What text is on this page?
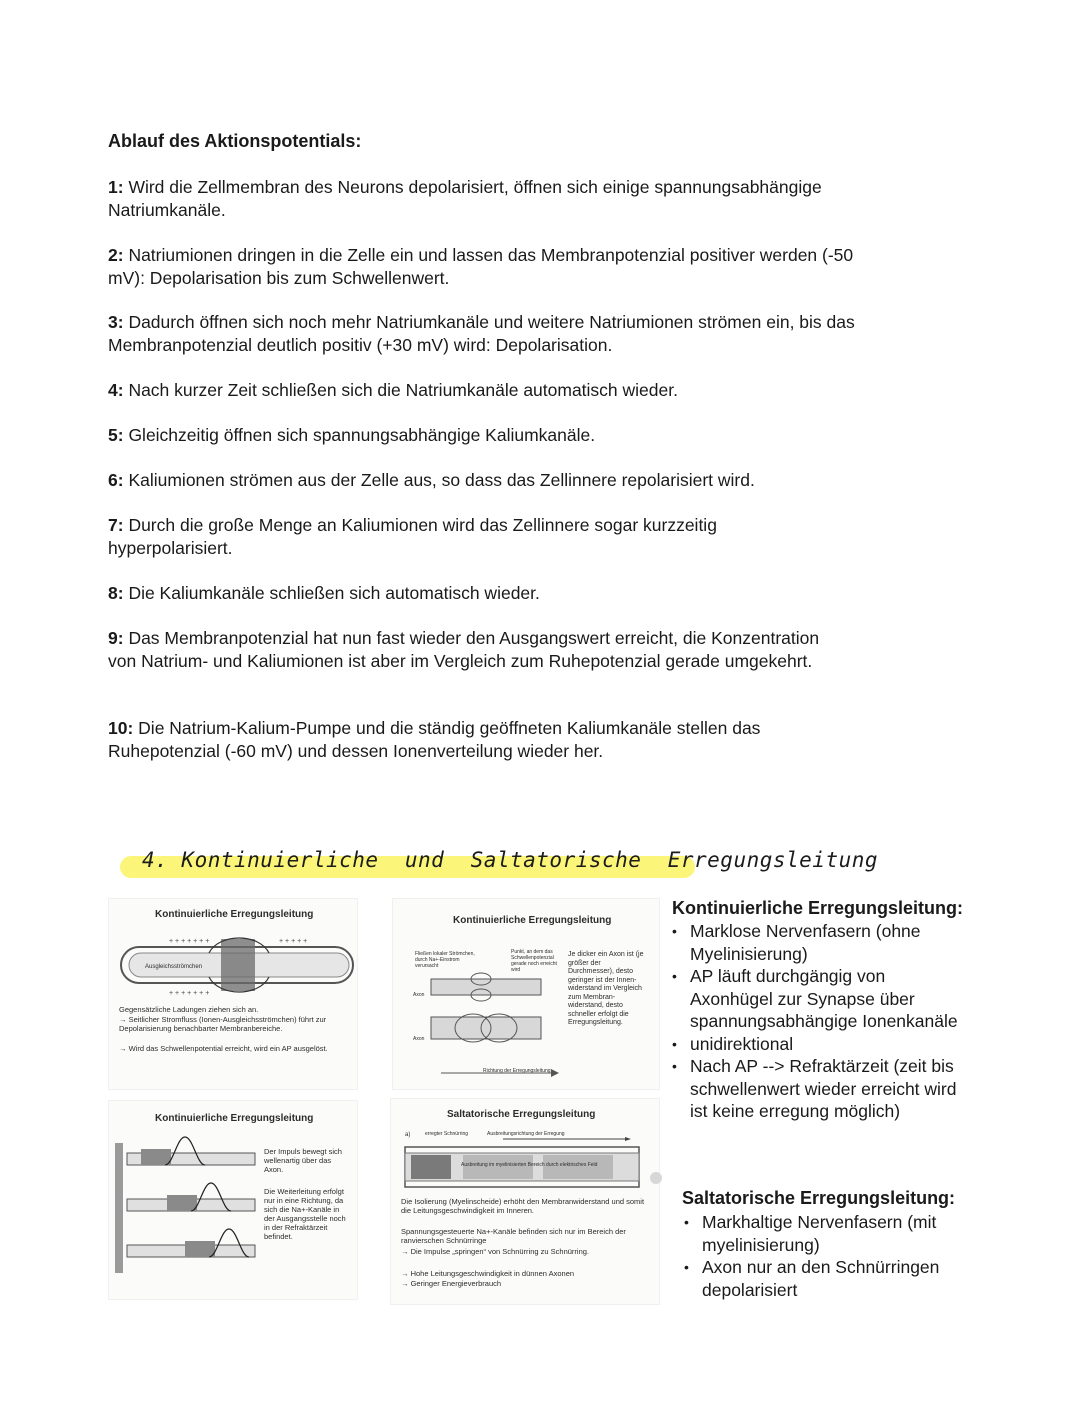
Ablauf des Aktionspotentials:
1: Wird die Zellmembran des Neurons depolarisiert, öffnen sich einige spannungsabhängige Natriumkanäle.
2: Natriumionen dringen in die Zelle ein und lassen das Membranpotenzial positiver werden (-50 mV): Depolarisation bis zum Schwellenwert.
3: Dadurch öffnen sich noch mehr Natriumkanäle und weitere Natriumionen strömen ein, bis das Membranpotenzial deutlich positiv (+30 mV) wird: Depolarisation.
4: Nach kurzer Zeit schließen sich die Natriumkanäle automatisch wieder.
5: Gleichzeitig öffnen sich spannungsabhängige Kaliumkanäle.
6: Kaliumionen strömen aus der Zelle aus, so dass das Zellinnere repolarisiert wird.
7: Durch die große Menge an Kaliumionen wird das Zellinnere sogar kurzzeitig hyperpolarisiert.
8: Die Kaliumkanäle schließen sich automatisch wieder.
9: Das Membranpotenzial hat nun fast wieder den Ausgangswert erreicht, die Konzentration von Natrium- und Kaliumionen ist aber im Vergleich zum Ruhepotenzial gerade umgekehrt.
10: Die Natrium-Kalium-Pumpe und die ständig geöffneten Kaliumkanäle stellen das Ruhepotenzial (-60 mV) und dessen Ionenverteilung wieder her.
4. Kontinuierliche  und  Saltatorische  Erregungsleitung
Kontinuierliche Erregungsleitung
+ + + + + + +	+ + + + +
+ + + + + + +
Ausgleichsströmchen
Gegensätzliche Ladungen ziehen sich an.
→ Seitlicher Stromfluss (Ionen-Ausgleichsströmchen) führt zur Depolarisierung benachbarter Membranbereiche.
→ Wird das Schwellenpotential erreicht, wird ein AP ausgelöst.
Kontinuierliche Erregungsleitung
Fließen lokaler Strömchen, durch Na+-Einstrom verursacht
Punkt, an dem das Schwellenpotenzial gerade noch erreicht wird
Axon
Axon
Richtung der Erregungsleitung
Je dicker ein Axon ist (je größer der Durchmesser), desto geringer ist der Innen-widerstand im Vergleich zum Membran-widerstand, desto schneller erfolgt die Erregungsleitung.
Kontinuierliche Erregungsleitung
Der Impuls bewegt sich wellenartig über das Axon.
Die Weiterleitung erfolgt nur in eine Richtung, da sich die Na+-Kanäle in der Ausgangsstelle noch in der Refraktärzeit befindet.
Saltatorische Erregungsleitung
a)	erregter Schnürring	Ausbreitungsrichtung der Erregung
Ausbreitung im myelinisierten Bereich durch elektrisches Feld
Die Isolierung (Myelinscheide) erhöht den Membranwiderstand und somit die Leitungsgeschwindigkeit im Inneren.
Spannungsgesteuerte Na+-Kanäle befinden sich nur im Bereich der ranvierschen Schnürringe
→ Die Impulse „springen“ von Schnürring zu Schnürring.
→ Hohe Leitungsgeschwindigkeit in dünnen Axonen
→ Geringer Energieverbrauch
Kontinuierliche Erregungsleitung:
• Marklose Nervenfasern (ohne Myelinisierung)
• AP läuft durchgängig von Axonhügel zur Synapse über spannungsabhängige Ionenkanäle
• unidirektional
• Nach AP --> Refraktärzeit (zeit bis schwellenwert wieder erreicht wird ist keine erregung möglich)
Saltatorische Erregungsleitung:
• Markhaltige Nervenfasern (mit myelinisierung)
• Axon nur an den Schnürringen depolarisiert
